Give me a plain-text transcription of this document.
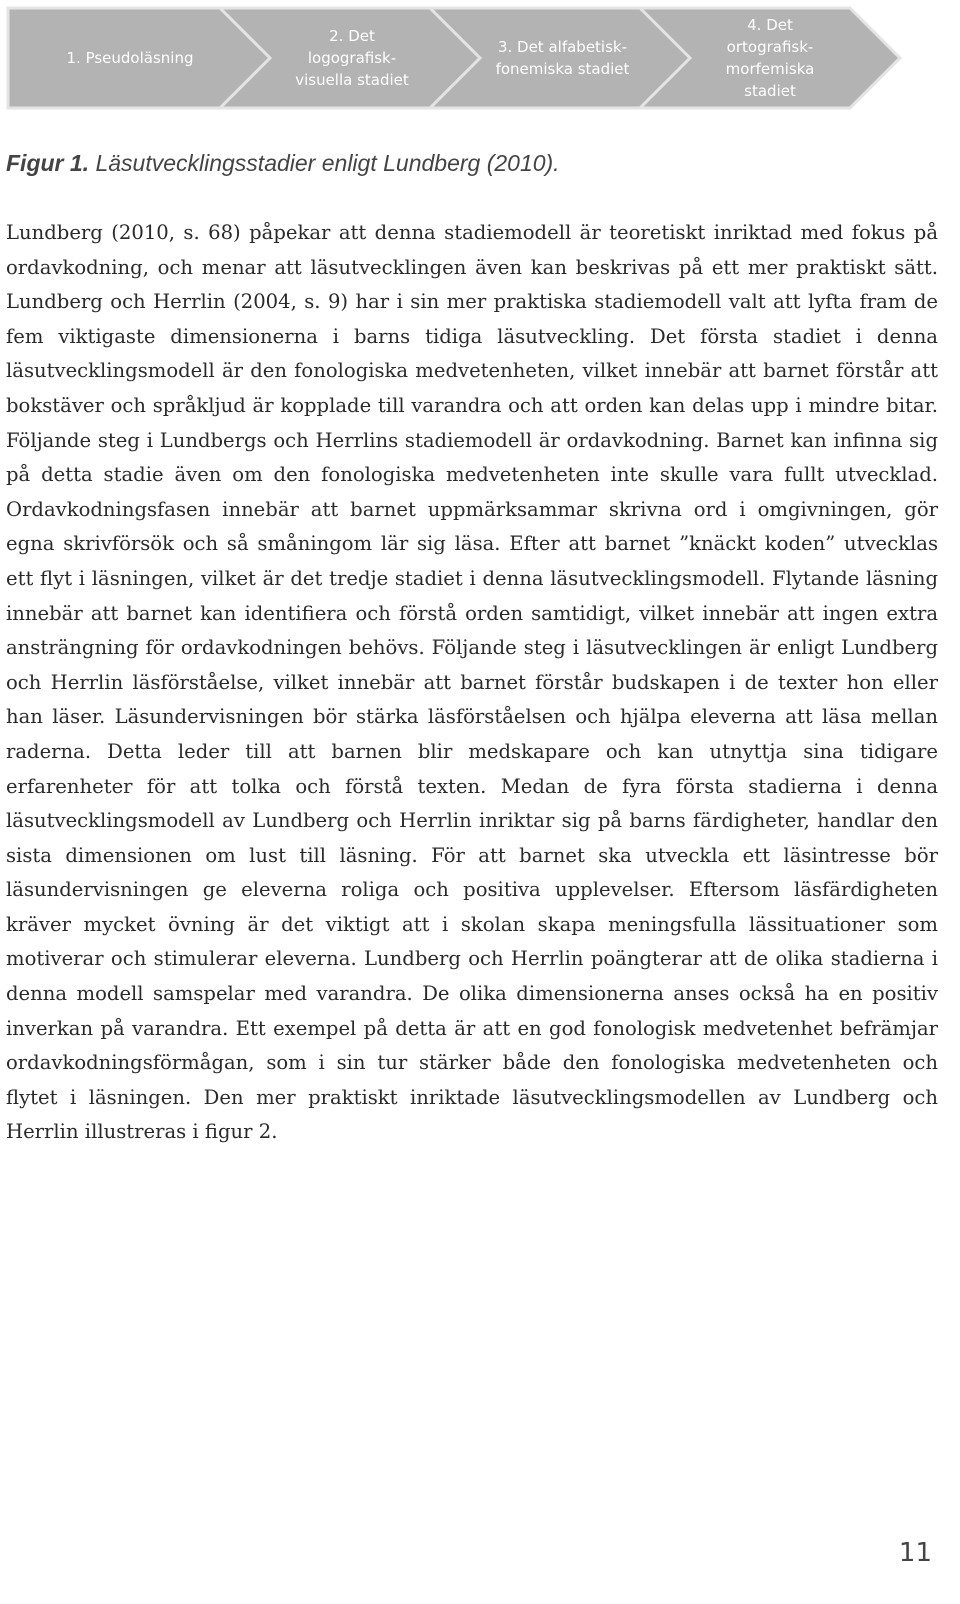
1. Pseudoläsning
2. Det
logografisk-
visuella stadiet
3. Det alfabetisk-
fonemiska stadiet
4. Det
ortografisk-
morfemiska
stadiet

Figur 1. Läsutvecklingsstadier enligt Lundberg (2010).

Lundberg (2010, s. 68) påpekar att denna stadiemodell är teoretiskt inriktad med fokus på ordavkodning, och menar att läsutvecklingen även kan beskrivas på ett mer praktiskt sätt. Lundberg och Herrlin (2004, s. 9) har i sin mer praktiska stadiemodell valt att lyfta fram de fem viktigaste dimensionerna i barns tidiga läsutveckling. Det första stadiet i denna läsutvecklingsmodell är den fonologiska medvetenheten, vilket innebär att barnet förstår att bokstäver och språkljud är kopplade till varandra och att orden kan delas upp i mindre bitar. Följande steg i Lundbergs och Herrlins stadiemodell är ordavkodning. Barnet kan infinna sig på detta stadie även om den fonologiska medvetenheten inte skulle vara fullt utvecklad. Ordavkodningsfasen innebär att barnet uppmärksammar skrivna ord i omgivningen, gör egna skrivförsök och så småningom lär sig läsa. Efter att barnet ”knäckt koden” utvecklas ett flyt i läsningen, vilket är det tredje stadiet i denna läsutvecklingsmodell. Flytande läsning innebär att barnet kan identifiera och förstå orden samtidigt, vilket innebär att ingen extra ansträngning för ordavkodningen behövs. Följande steg i läsutvecklingen är enligt Lundberg och Herrlin läsförståelse, vilket innebär att barnet förstår budskapen i de texter hon eller han läser. Läsundervisningen bör stärka läsförståelsen och hjälpa eleverna att läsa mellan raderna. Detta leder till att barnen blir medskapare och kan utnyttja sina tidigare erfarenheter för att tolka och förstå texten. Medan de fyra första stadierna i denna läsutvecklingsmodell av Lundberg och Herrlin inriktar sig på barns färdigheter, handlar den sista dimensionen om lust till läsning. För att barnet ska utveckla ett läsintresse bör läsundervisningen ge eleverna roliga och positiva upplevelser. Eftersom läsfärdigheten kräver mycket övning är det viktigt att i skolan skapa meningsfulla lässituationer som motiverar och stimulerar eleverna. Lundberg och Herrlin poängterar att de olika stadierna i denna modell samspelar med varandra. De olika dimensionerna anses också ha en positiv inverkan på varandra. Ett exempel på detta är att en god fonologisk medvetenhet befrämjar ordavkodningsförmågan, som i sin tur stärker både den fonologiska medvetenheten och flytet i läsningen. Den mer praktiskt inriktade läsutvecklingsmodellen av Lundberg och Herrlin illustreras i figur 2.

11
